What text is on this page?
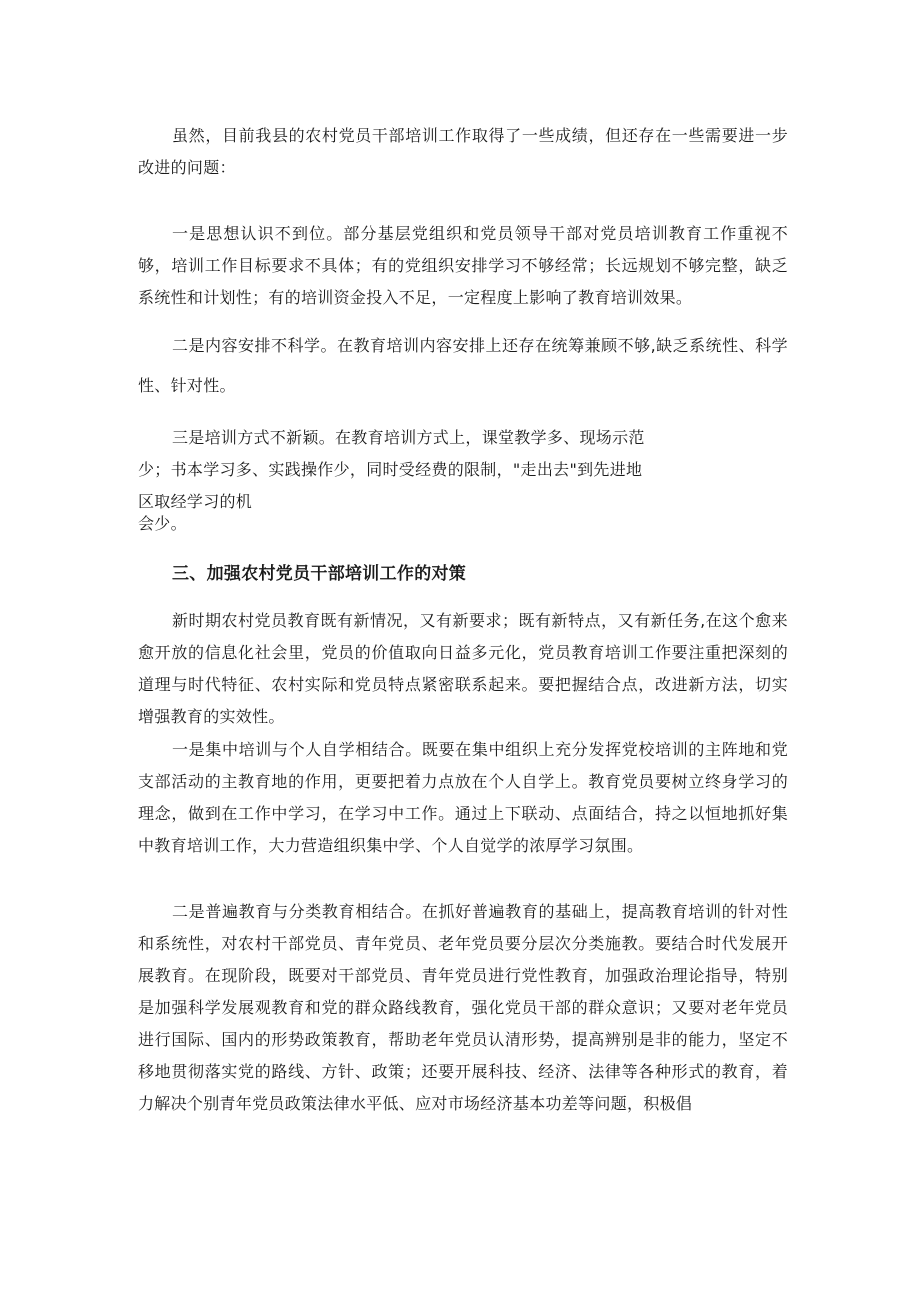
虽然，目前我县的农村党员干部培训工作取得了一些成绩，但还存在一些需要进一步改进的问题：

一是思想认识不到位。部分基层党组织和党员领导干部对党员培训教育工作重视不够，培训工作目标要求不具体；有的党组织安排学习不够经常；长远规划不够完整，缺乏系统性和计划性；有的培训资金投入不足，一定程度上影响了教育培训效果。

二是内容安排不科学。在教育培训内容安排上还存在统筹兼顾不够,缺乏系统性、科学性、针对性。

三是培训方式不新颖。在教育培训方式上，课堂教学多、现场示范少；书本学习多、实践操作少，同时受经费的限制，"走出去"到先进地区取经学习的机

会少。

三、加强农村党员干部培训工作的对策

新时期农村党员教育既有新情况，又有新要求；既有新特点，又有新任务,在这个愈来愈开放的信息化社会里，党员的价值取向日益多元化，党员教育培训工作要注重把深刻的道理与时代特征、农村实际和党员特点紧密联系起来。要把握结合点，改进新方法，切实增强教育的实效性。

一是集中培训与个人自学相结合。既要在集中组织上充分发挥党校培训的主阵地和党支部活动的主教育地的作用，更要把着力点放在个人自学上。教育党员要树立终身学习的理念，做到在工作中学习，在学习中工作。通过上下联动、点面结合，持之以恒地抓好集中教育培训工作，大力营造组织集中学、个人自觉学的浓厚学习氛围。

二是普遍教育与分类教育相结合。在抓好普遍教育的基础上，提高教育培训的针对性和系统性，对农村干部党员、青年党员、老年党员要分层次分类施教。要结合时代发展开展教育。在现阶段，既要对干部党员、青年党员进行党性教育，加强政治理论指导，特别是加强科学发展观教育和党的群众路线教育，强化党员干部的群众意识；又要对老年党员进行国际、国内的形势政策教育，帮助老年党员认清形势，提高辨别是非的能力，坚定不移地贯彻落实党的路线、方针、政策；还要开展科技、经济、法律等各种形式的教育，着力解决个别青年党员政策法律水平低、应对市场经济基本功差等问题，积极倡
